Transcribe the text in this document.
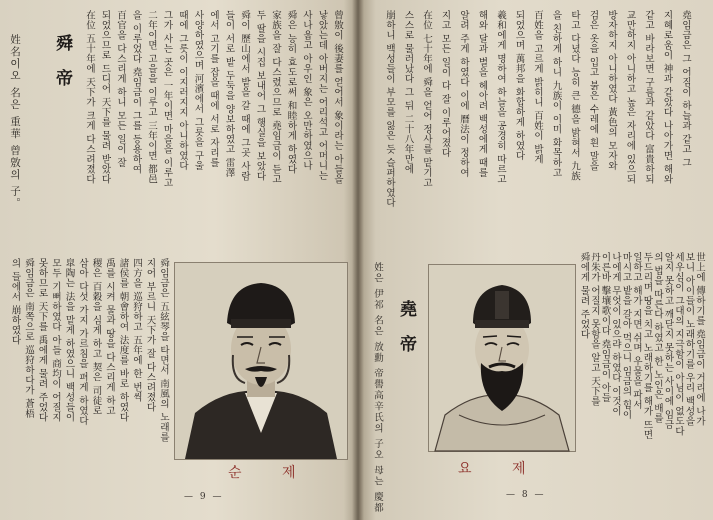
曾敫이 後妻를 얻어서 象이라는 아들을
낳았는데 아버지는 어리석고 어머니는
사나웁고 아우인 象은 오만하였으나
舜은 능히 효도로써 和睦하게 하였다
家族을 잘 다스렸으므로 堯임금이 듣고
두 딸을 시집 보내어 그 행실을 보았다
舜이 歷山에서 밭을 갈 때에 그곳 사람
들이 서로 밭 두둑을 양보하였고 雷澤
에서 고기를 잡을 때에 서로 자리를
사양하였으며 河濱에서 그릇을 구울
때에 그릇이 이지러지지 아니하였다
그가 사는 곳은 一年이면 마을을 이루고
二年이면 고을을 이루고 三年이면 都邑
을 이루었다 堯임금이 그를 등용하여
百官을 다스리게 하니 모든 일이 잘
되었으므로 드디어 天下를 물려 받았다
在位 五十年에 天下가 크게 다스려졌다
舜 帝
姓名이오 名은 重華 曾敫의 子。
舜임금은 五絃琴을 타면서 南風의 노래를
지어 부르니 天下가 잘 다스려졌다
四方을 巡狩하고 五年에 한 번씩
諸侯를 朝會하여 法度를 바로 하였다
禹를 시켜 물과 땅을 다스리게 하고
稷은 百穀을 심게 하고 契은 司徒로
삼아 다섯 가지 가르침을 펴게 하였다
皐陶는 法을 맡게 하였으니 백성들이
모두 기뻐하였다 아들 商均이 어질지
못하므로 天下를 禹에게 물려 주었다
舜임금은 南쪽으로 巡狩하다가 蒼梧
의 들에서 崩하였다
순 제
— 9 —
堯임금은 그 어짐이 하늘과 같고 그
지혜로움이 神과 같았다 나아가면 해와
같고 바라보면 구름과 같았다 富貴하되
교만하지 아니하고 높은 자리에 있으되
방자하지 아니하였다 黃色의 모자와
검은 옷을 입고 붉은 수레에 흰 말을
타고 다녔다 능히 큰 德을 밝혀서 九族
을 친하게 하니 九族이 이미 화목하고
百姓을 고르게 밝히니 百姓이 밝게
되었으며 萬邦을 화합하게 하였다
羲和에게 명하여 하늘을 공경히 따르고
해와 달과 별을 헤아려 백성에게 때를
알려 주게 하였다 이에 曆法이 정하여
지고 모든 일이 다 잘 이루어졌다
在位 七十年에 舜을 얻어 정사를 맡기고
스스로 물러났다 그 뒤 二十八年만에
崩하니 백성들이 부모를 잃은 듯 슬퍼하였다
世上에 傳하기를 堯임금이 거리에 나가
보니 아이들이 노래하기를 우리 백성을
세우심이 그대의 지극함이 아님이 없도다
알지 못하고 깨닫지 못하는 사이에 임금
의 법을 따른다 하였고 한 노인은 배를
두드리며 땅을 치고 노래하기를 해가 뜨면
일하고 해가 지면 쉬며 우물을 파서
마시고 밭을 갈아 먹으니 임금의 힘이
나에게 무엇이 있으랴 하였다 이것이
이른바 擊壤歌이다 堯임금이 아들
丹朱가 어질지 못함을 알고 天下를
舜에게 물려 주었다
堯 帝
姓은 伊祁 名은 放勳 帝嚳高辛氏의 子오 母는 慶都	요 제
— 8 —
